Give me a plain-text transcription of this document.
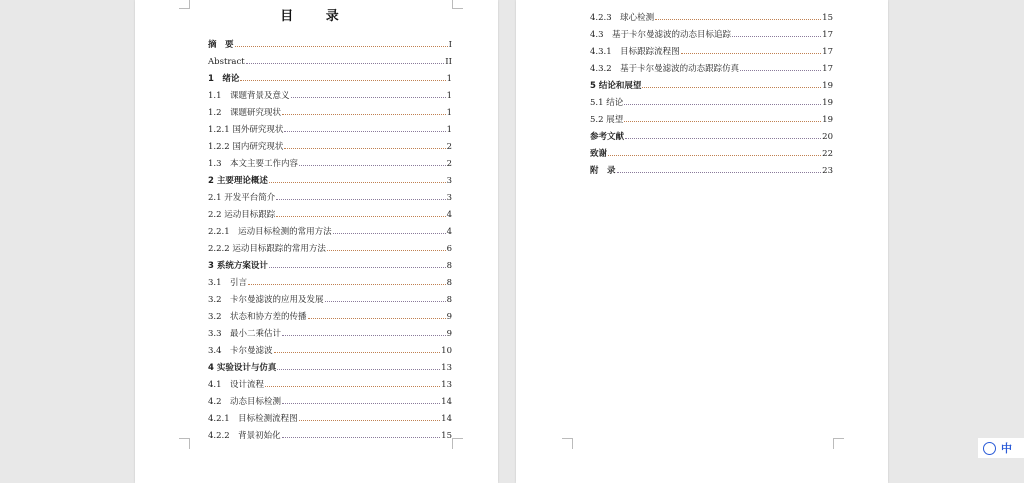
目 录
摘　要	I
Abstract	II
1　绪论	1
1.1　课题背景及意义	1
1.2　课题研究现状	1
1.2.1 国外研究现状	1
1.2.2 国内研究现状	2
1.3　本文主要工作内容	2
2 主要理论概述	3
2.1 开发平台简介	3
2.2 运动目标跟踪	4
2.2.1　运动目标检测的常用方法	4
2.2.2 运动目标跟踪的常用方法	6
3 系统方案设计	8
3.1　引言	8
3.2　卡尔曼滤波的应用及发展	8
3.2　状态和协方差的传播	9
3.3　最小二乘估计	9
3.4　卡尔曼滤波	10
4 实验设计与仿真	13
4.1　设计流程	13
4.2　动态目标检测	14
4.2.1　目标检测流程图	14
4.2.2　背景初始化	15
4.2.3　球心检测	15
4.3　基于卡尔曼滤波的动态目标追踪	17
4.3.1　目标跟踪流程图	17
4.3.2　基于卡尔曼滤波的动态跟踪仿真	17
5 结论和展望	19
5.1 结论	19
5.2 展望	19
参考文献	20
致谢	22
附　录	23
中
